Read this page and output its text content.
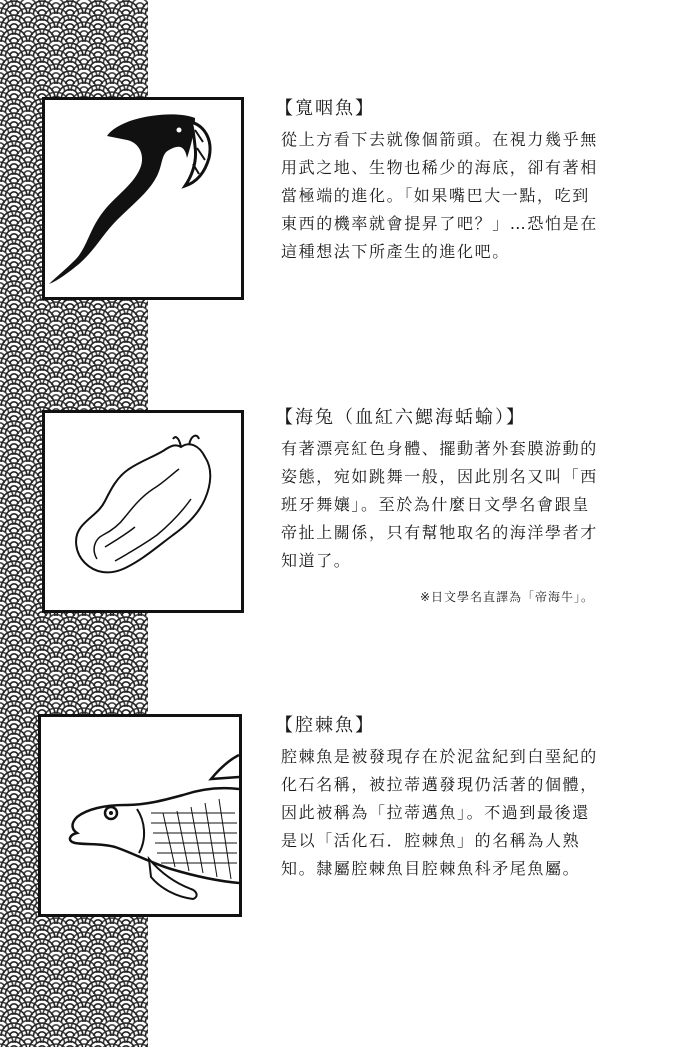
【寬咽魚】
從上方看下去就像個箭頭。在視力幾乎無
用武之地、生物也稀少的海底，卻有著相
當極端的進化。「如果嘴巴大一點，吃到
東西的機率就會提昇了吧？」…恐怕是在
這種想法下所產生的進化吧。
【海兔（血紅六鰓海蛞蝓）】
有著漂亮紅色身體、擺動著外套膜游動的
姿態，宛如跳舞一般，因此別名又叫「西
班牙舞孃」。至於為什麼日文學名會跟皇
帝扯上關係，只有幫牠取名的海洋學者才
知道了。
※日文學名直譯為「帝海牛」。
【腔棘魚】
腔棘魚是被發現存在於泥盆紀到白堊紀的
化石名稱，被拉蒂邁發現仍活著的個體，
因此被稱為「拉蒂邁魚」。不過到最後還
是以「活化石．腔棘魚」的名稱為人熟
知。隸屬腔棘魚目腔棘魚科矛尾魚屬。
